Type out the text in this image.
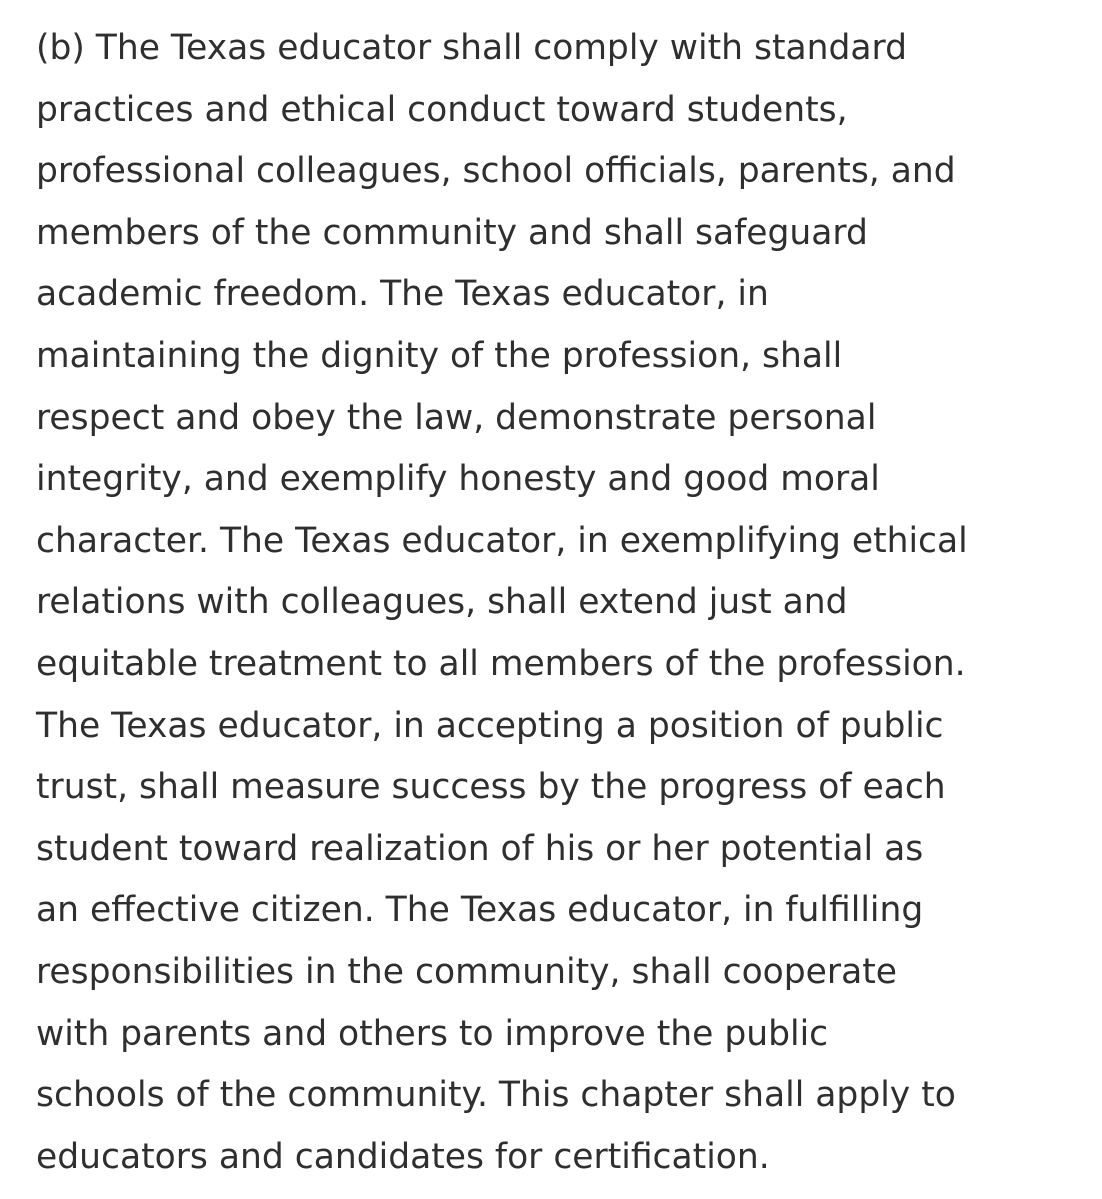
(b) The Texas educator shall comply with standard
practices and ethical conduct toward students,
professional colleagues, school officials, parents, and
members of the community and shall safeguard
academic freedom. The Texas educator, in
maintaining the dignity of the profession, shall
respect and obey the law, demonstrate personal
integrity, and exemplify honesty and good moral
character. The Texas educator, in exemplifying ethical
relations with colleagues, shall extend just and
equitable treatment to all members of the profession.
The Texas educator, in accepting a position of public
trust, shall measure success by the progress of each
student toward realization of his or her potential as
an effective citizen. The Texas educator, in fulfilling
responsibilities in the community, shall cooperate
with parents and others to improve the public
schools of the community. This chapter shall apply to
educators and candidates for certification.
